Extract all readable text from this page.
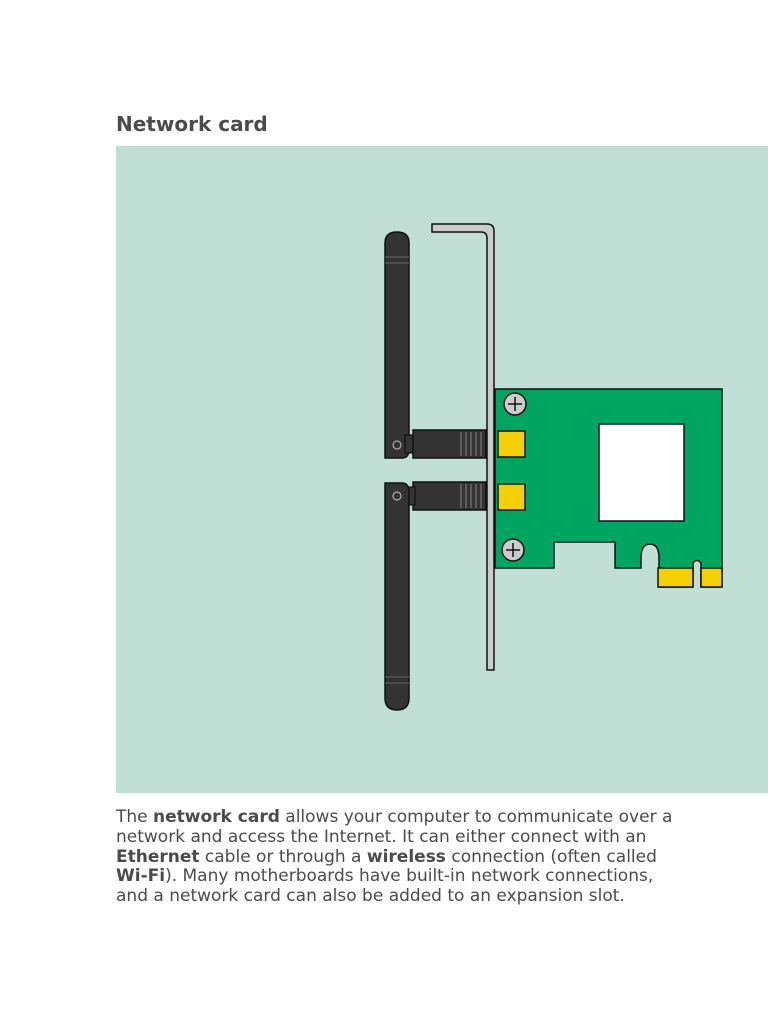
Network card

The network card allows your computer to communicate over a network and access the Internet. It can either connect with an Ethernet cable or through a wireless connection (often called Wi-Fi). Many motherboards have built-in network connections, and a network card can also be added to an expansion slot.
